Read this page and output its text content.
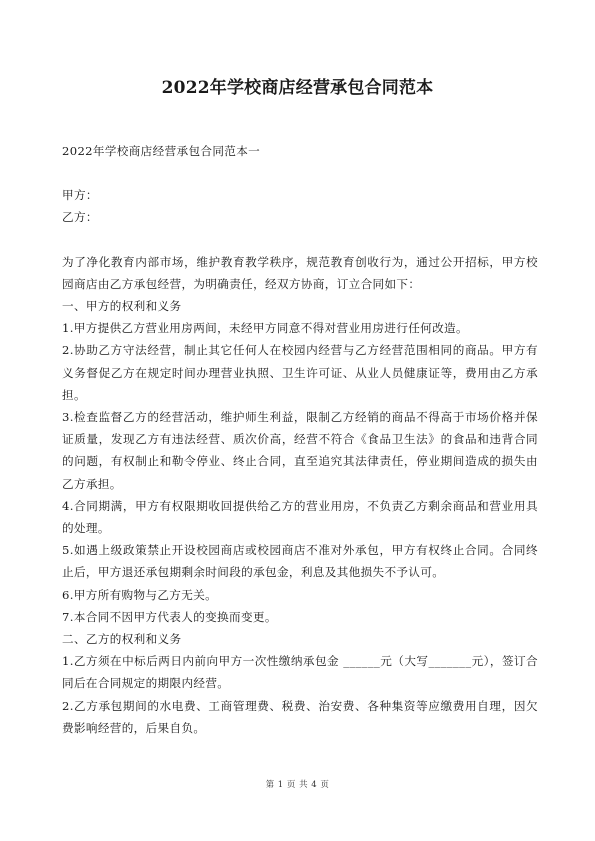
2022年学校商店经营承包合同范本

2022年学校商店经营承包合同范本一

甲方：

乙方：

为了净化教育内部市场，维护教育教学秩序，规范教育创收行为，通过公开招标，甲方校园商店由乙方承包经营，为明确责任，经双方协商，订立合同如下：

一、甲方的权利和义务

1.甲方提供乙方营业用房两间，未经甲方同意不得对营业用房进行任何改造。

2.协助乙方守法经营，制止其它任何人在校园内经营与乙方经营范围相同的商品。甲方有义务督促乙方在规定时间办理营业执照、卫生许可证、从业人员健康证等，费用由乙方承担。

3.检查监督乙方的经营活动，维护师生利益，限制乙方经销的商品不得高于市场价格并保证质量，发现乙方有违法经营、质次价高，经营不符合《食品卫生法》的食品和违背合同的问题，有权制止和勒令停业、终止合同，直至追究其法律责任，停业期间造成的损失由乙方承担。

4.合同期满，甲方有权限期收回提供给乙方的营业用房，不负责乙方剩余商品和营业用具的处理。

5.如遇上级政策禁止开设校园商店或校园商店不准对外承包，甲方有权终止合同。合同终止后，甲方退还承包期剩余时间段的承包金，利息及其他损失不予认可。

6.甲方所有购物与乙方无关。

7.本合同不因甲方代表人的变换而变更。

二、乙方的权利和义务

1.乙方须在中标后两日内前向甲方一次性缴纳承包金 ______元（大写_______元），签订合同后在合同规定的期限内经营。

2.乙方承包期间的水电费、工商管理费、税费、治安费、各种集资等应缴费用自理，因欠费影响经营的，后果自负。

第 1 页 共 4 页
